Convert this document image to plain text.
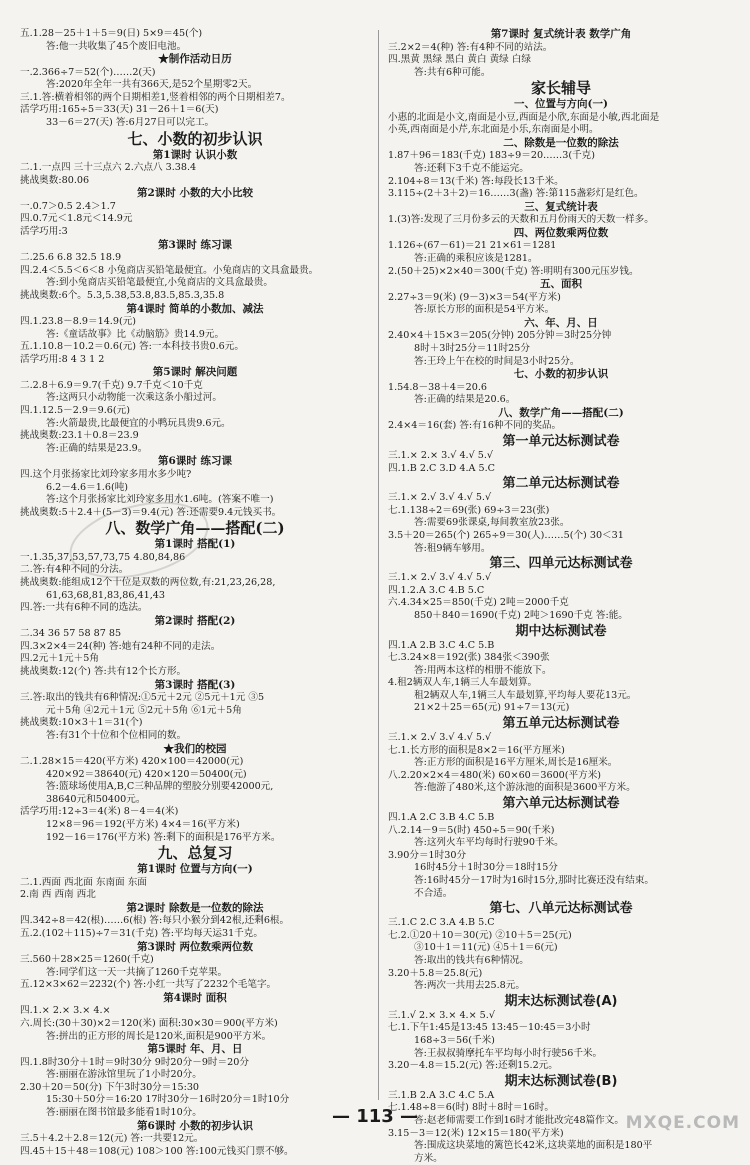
五.1.28－25＋1＋5＝9(日) 5×9＝45(个)
答:他一共收集了45个废旧电池。
★制作活动日历
一.2.366÷7＝52(个)……2(天)
答:2020年全年一共有366天,是52个星期零2天。
三.1.答:横着相邻的两个日期相差1,竖着相邻的两个日期相差7。
活学巧用:165÷5＝33(天) 31－26＋1＝6(天)
33－6＝27(天) 答:6月27日可以完工。
七、小数的初步认识
第1课时 认识小数
二.1.一点四 三十三点六 2.六点八 3.38.4
挑战奥数:80.06
第2课时 小数的大小比较
一.0.7＞0.5 2.4＞1.7
四.0.7元＜1.8元＜14.9元
活学巧用:3
第3课时 练习课
二.25.6 6.8 32.5 18.9
四.2.4＜5.5＜6＜8 小兔商店买铅笔最便宜。小兔商店的文具盒最贵。
答:到小兔商店买铅笔最便宜,小兔商店的文具盒最贵。
挑战奥数:6个。5.3,5.38,53.8,83.5,85.3,35.8
第4课时 简单的小数加、减法
四.1.23.8－8.9＝14.9(元)
答:《童话故事》比《动脑筋》贵14.9元。
五.1.10.8－10.2＝0.6(元) 答:一本科技书贵0.6元。
活学巧用:8 4 3 1 2
第5课时 解决问题
二.2.8＋6.9＝9.7(千克) 9.7千克＜10千克
答:这两只小动物能一次乘这条小船过河。
四.1.12.5－2.9＝9.6(元)
答:火箭最贵,比最便宜的小鸭玩具贵9.6元。
挑战奥数:23.1＋0.8＝23.9
答:正确的结果是23.9。
第6课时 练习课
四.这个月张扬家比刘玲家多用水多少吨?
6.2－4.6＝1.6(吨)
答:这个月张扬家比刘玲家多用水1.6吨。(答案不唯一)
挑战奥数:5＋2.4＋(5－3)＝9.4(元) 答:还需要9.4元钱买书。
八、数学广角——搭配(二)
第1课时 搭配(1)
一.1.35,37,53,57,73,75 4.80,84,86
二.答:有4种不同的分法。
挑战奥数:能组成12个十位是双数的两位数,有:21,23,26,28,
61,63,68,81,83,86,41,43
四.答:一共有6种不同的选法。
第2课时 搭配(2)
二.34 36 57 58 87 85
四.3×2×4＝24(种) 答:她有24种不同的走法。
四.2元＋1元＋5角
挑战奥数:12(个) 答:共有12个长方形。
第3课时 搭配(3)
三.答:取出的钱共有6种情况:①5元＋2元 ②5元＋1元 ③5
元＋5角 ④2元＋1元 ⑤2元＋5角 ⑥1元＋5角
挑战奥数:10×3＋1＝31(个)
答:有31个十位和个位相同的数。
★我们的校园
二.1.28×15＝420(平方米) 420×100＝42000(元)
420×92＝38640(元) 420×120＝50400(元)
答:篮球场使用A,B,C三种品牌的塑胶分别要42000元,
38640元和50400元。
活学巧用:12÷3＝4(米) 8－4＝4(米)
12×8＝96＝192(平方米) 4×4＝16(平方米)
192－16＝176(平方米) 答:剩下的面积是176平方米。
九、总复习
第1课时 位置与方向(一)
二.1.西面 西北面 东南面 东面
2.南 西 西南 西北
第2课时 除数是一位数的除法
四.342÷8＝42(根)……6(根) 答:每只小猴分到42根,还剩6根。
五.2.(102＋115)÷7＝31(千克) 答:平均每天运31千克。
第3课时 两位数乘两位数
三.560＋28×25＝1260(千克)
答:同学们这一天一共摘了1260千克苹果。
五.12×3×62＝2232(个) 答:小红一共写了2232个毛笔字。
第4课时 面积
四.1.× 2.× 3.× 4.×
六.周长:(30＋30)×2＝120(米) 面积:30×30＝900(平方米)
答:拼出的正方形的周长是120米,面积是900平方米。
第5课时 年、月、日
四.1.8时30分＋1时＝9时30分 9时20分－9时＝20分
答:丽丽在游泳馆里玩了1小时20分。
2.30＋20＝50(分) 下午3时30分＝15:30
15:30＋50分＝16:20 17时30分－16时20分＝1时10分
答:丽丽在图书馆最多能看1时10分。
第6课时 小数的初步认识
三.5＋4.2＋2.8＝12(元) 答:一共要12元。
四.45＋15＋48＝108(元) 108＞100 答:100元钱买门票不够。
第7课时 复式统计表 数学广角
三.2×2＝4(种) 答:有4种不同的站法。
四.黑黄 黑绿 黑白 黄白 黄绿 白绿
答:共有6种可能。
家长辅导
一、位置与方向(一)
小惠的北面是小文,南面是小豆,西面是小欣,东面是小敏,西北面是
小英,西南面是小芹,东北面是小乐,东南面是小明。
二、除数是一位数的除法
1.87＋96＝183(千克) 183÷9＝20……3(千克)
答:还剩下3千克不能运完。
2.104÷8＝13(千米) 答:每段长13千米。
3.115÷(2＋3＋2)＝16……3(盏) 答:第115盏彩灯是红色。
三、复式统计表
1.(3)答:发现了三月份多云的天数和五月份雨天的天数一样多。
四、两位数乘两位数
1.126÷(67－61)＝21 21×61＝1281
答:正确的乘积应该是1281。
2.(50＋25)×2×40＝300(千克) 答:明明有300元压岁钱。
五、面积
2.27÷3＝9(米) (9－3)×3＝54(平方米)
答:原长方形的面积是54平方米。
六、年、月、日
2.40×4＋15×3＝205(分钟) 205分钟＝3时25分钟
8时＋3时25分＝11时25分
答:王玲上午在校的时间是3小时25分。
七、小数的初步认识
1.54.8－38＋4＝20.6
答:正确的结果是20.6。
八、数学广角——搭配(二)
2.4×4＝16(套) 答:有16种不同的奖品。
第一单元达标测试卷
三.1.× 2.× 3.√ 4.√ 5.√
四.1.B 2.C 3.D 4.A 5.C
第二单元达标测试卷
三.1.× 2.√ 3.√ 4.√ 5.√
七.1.138÷2＝69(张) 69÷3＝23(张)
答:需要69张课桌,每间教室放23张。
3.5＋20＝265(个) 265÷9＝30(人)……5(个) 30＜31
答:租9辆车够用。
第三、四单元达标测试卷
三.1.× 2.√ 3.√ 4.√ 5.√
四.1.2.A 3.C 4.B 5.C
六.4.34×25＝850(千克) 2吨＝2000千克
850＋840＝1690(千克) 2吨＞1690千克 答:能。
期中达标测试卷
四.1.A 2.B 3.C 4.C 5.B
七.3.24×8＝192(张) 384张＜390张
答:用两本这样的相册不能放下。
4.租2辆双人车,1辆三人车最划算。
租2辆双人车,1辆三人车最划算,平均每人要花13元。
21×2＋25＝65(元) 91÷7＝13(元)
第五单元达标测试卷
三.1.× 2.√ 3.√ 4.√ 5.√
七.1.长方形的面积是8×2＝16(平方厘米)
答:正方形的面积是16平方厘米,周长是16厘米。
八.2.20×2×4＝480(米) 60×60＝3600(平方米)
答:他游了480米,这个游泳池的面积是3600平方米。
第六单元达标测试卷
四.1.A 2.C 3.B 4.C 5.B
八.2.14－9＝5(时) 450÷5＝90(千米)
答:这列火车平均每时行驶90千米。
3.90分＝1时30分
16时45分＋1时30分＝18时15分
答:16时45分－17时为16时15分,那时比赛还没有结束。
不合适。
第七、八单元达标测试卷
三.1.C 2.C 3.A 4.B 5.C
七.2.①20＋10＝30(元) ②10＋5＝25(元)
③10＋1＝11(元) ④5＋1＝6(元)
答:取出的钱共有6种情况。
3.20＋5.8＝25.8(元)
答:两次一共用去25.8元。
期末达标测试卷(A)
三.1.√ 2.× 3.× 4.× 5.√
七.1.下午1:45是13:45 13:45－10:45＝3小时
168÷3＝56(千米)
答:王叔叔骑摩托车平均每小时行驶56千米。
3.20－4.8＝15.2(元) 答:还剩15.2元。
期末达标测试卷(B)
三.1.B 2.A 3.C 4.C 5.A
七.1.48÷8＝6(时) 8时＋8时＝16时。
答:赵老师需要工作到16时才能批改完48篇作文。
3.15－3＝12(米) 12×15＝180(平方米)
答:围成这块菜地的篱笆长42米,这块菜地的面积是180平
方米。
— 113 —	MXQE.COM
